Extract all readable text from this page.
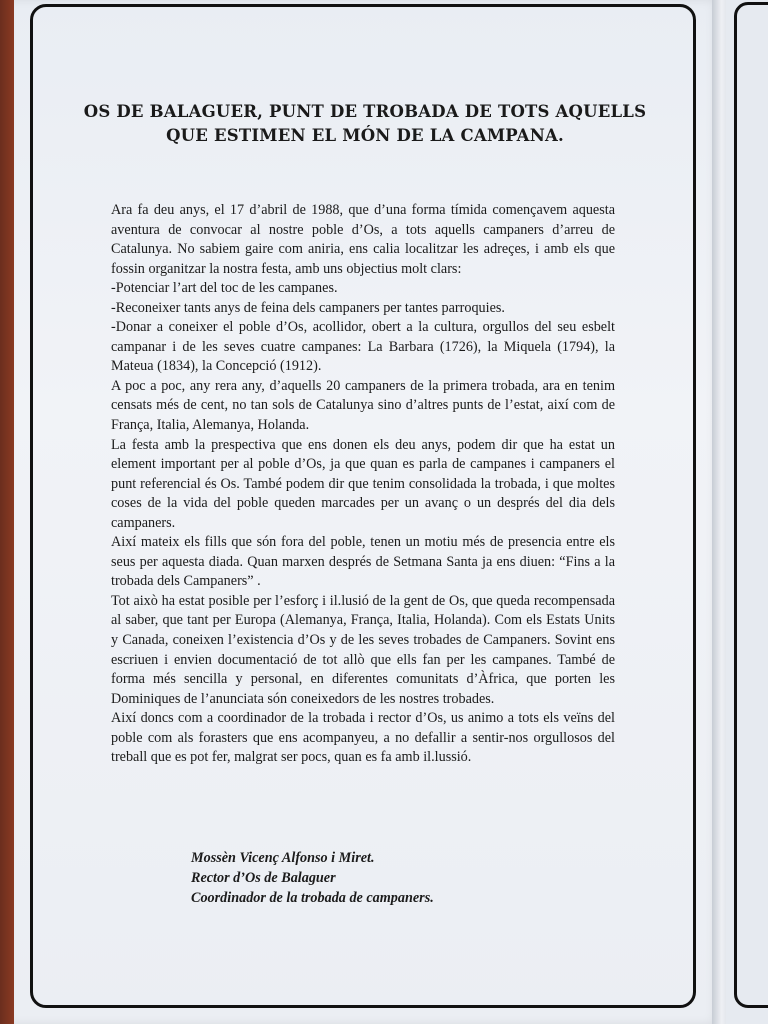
OS DE BALAGUER, PUNT DE TROBADA DE TOTS AQUELLS QUE ESTIMEN EL MÓN DE LA CAMPANA.

Ara fa deu anys, el 17 d’abril de 1988, que d’una forma tímida començavem aquesta aventura de convocar al nostre poble d’Os, a tots aquells campaners d’arreu de Catalunya. No sabiem gaire com aniria, ens calia localitzar les adreçes, i amb els que fossin organitzar la nostra festa, amb uns objectius molt clars:

-Potenciar l’art del toc de les campanes.

-Reconeixer tants anys de feina dels campaners per tantes parroquies.

-Donar a coneixer el poble d’Os, acollidor, obert a la cultura, orgullos del seu esbelt campanar i de les seves cuatre campanes: La Barbara (1726), la Miquela (1794), la Mateua (1834), la Concepció (1912).

A poc a poc, any rera any, d’aquells 20 campaners de la primera trobada, ara en tenim censats més de cent, no tan sols de Catalunya sino d’altres punts de l’estat, així com de França, Italia, Alemanya, Holanda.

La festa amb la prespectiva que ens donen els deu anys, podem dir que ha estat un element important per al poble d’Os, ja que quan es parla de campanes i campaners el punt referencial és Os. També podem dir que tenim consolidada la trobada, i que moltes coses de la vida del poble queden marcades per un avanç o un després del dia dels campaners.

Així mateix els fills que són fora del poble, tenen un motiu més de presencia entre els seus per aquesta diada. Quan marxen després de Setmana Santa ja ens diuen: “Fins a la trobada dels Campaners” .

Tot això ha estat posible per l’esforç i il.lusió de la gent de Os, que queda recompensada al saber, que tant per Europa (Alemanya, França, Italia, Holanda). Com els Estats Units y Canada, coneixen l’existencia d’Os y de les seves trobades de Campaners. Sovint ens escriuen i envien documentació de tot allò que ells fan per les campanes. També de forma més sencilla y personal, en diferentes comunitats d’Àfrica, que porten les Dominiques de l’anunciata són coneixedors de les nostres trobades.

Així doncs com a coordinador de la trobada i rector d’Os, us animo a tots els veïns del poble com als forasters que ens acompanyeu, a no defallir a sentir-nos orgullosos del treball que es pot fer, malgrat ser pocs, quan es fa amb il.lussió.

Mossèn Vicenç Alfonso i Miret.
Rector d’Os de Balaguer
Coordinador de la trobada de campaners.
